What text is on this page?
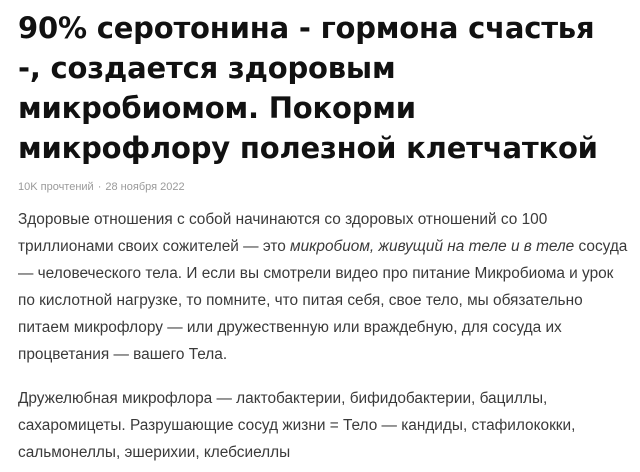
90% серотонина - гормона счастья
-, создается здоровым
микробиомом. Покорми
микрофлору полезной клетчаткой
10K прочтений · 28 ноября 2022

Здоровые отношения с собой начинаются со здоровых отношений со 100 триллионами своих сожителей — это микробиом, живущий на теле и в теле сосуда — человеческого тела. И если вы смотрели видео про питание Микробиома и урок по кислотной нагрузке, то помните, что питая себя, свое тело, мы обязательно питаем микрофлору — или дружественную или враждебную, для сосуда их процветания — вашего Тела.

Дружелюбная микрофлора — лактобактерии, бифидобактерии, бациллы, сахаромицеты. Разрушающие сосуд жизни = Тело — кандиды, стафилококки, сальмонеллы, эшерихии, клебсиеллы
